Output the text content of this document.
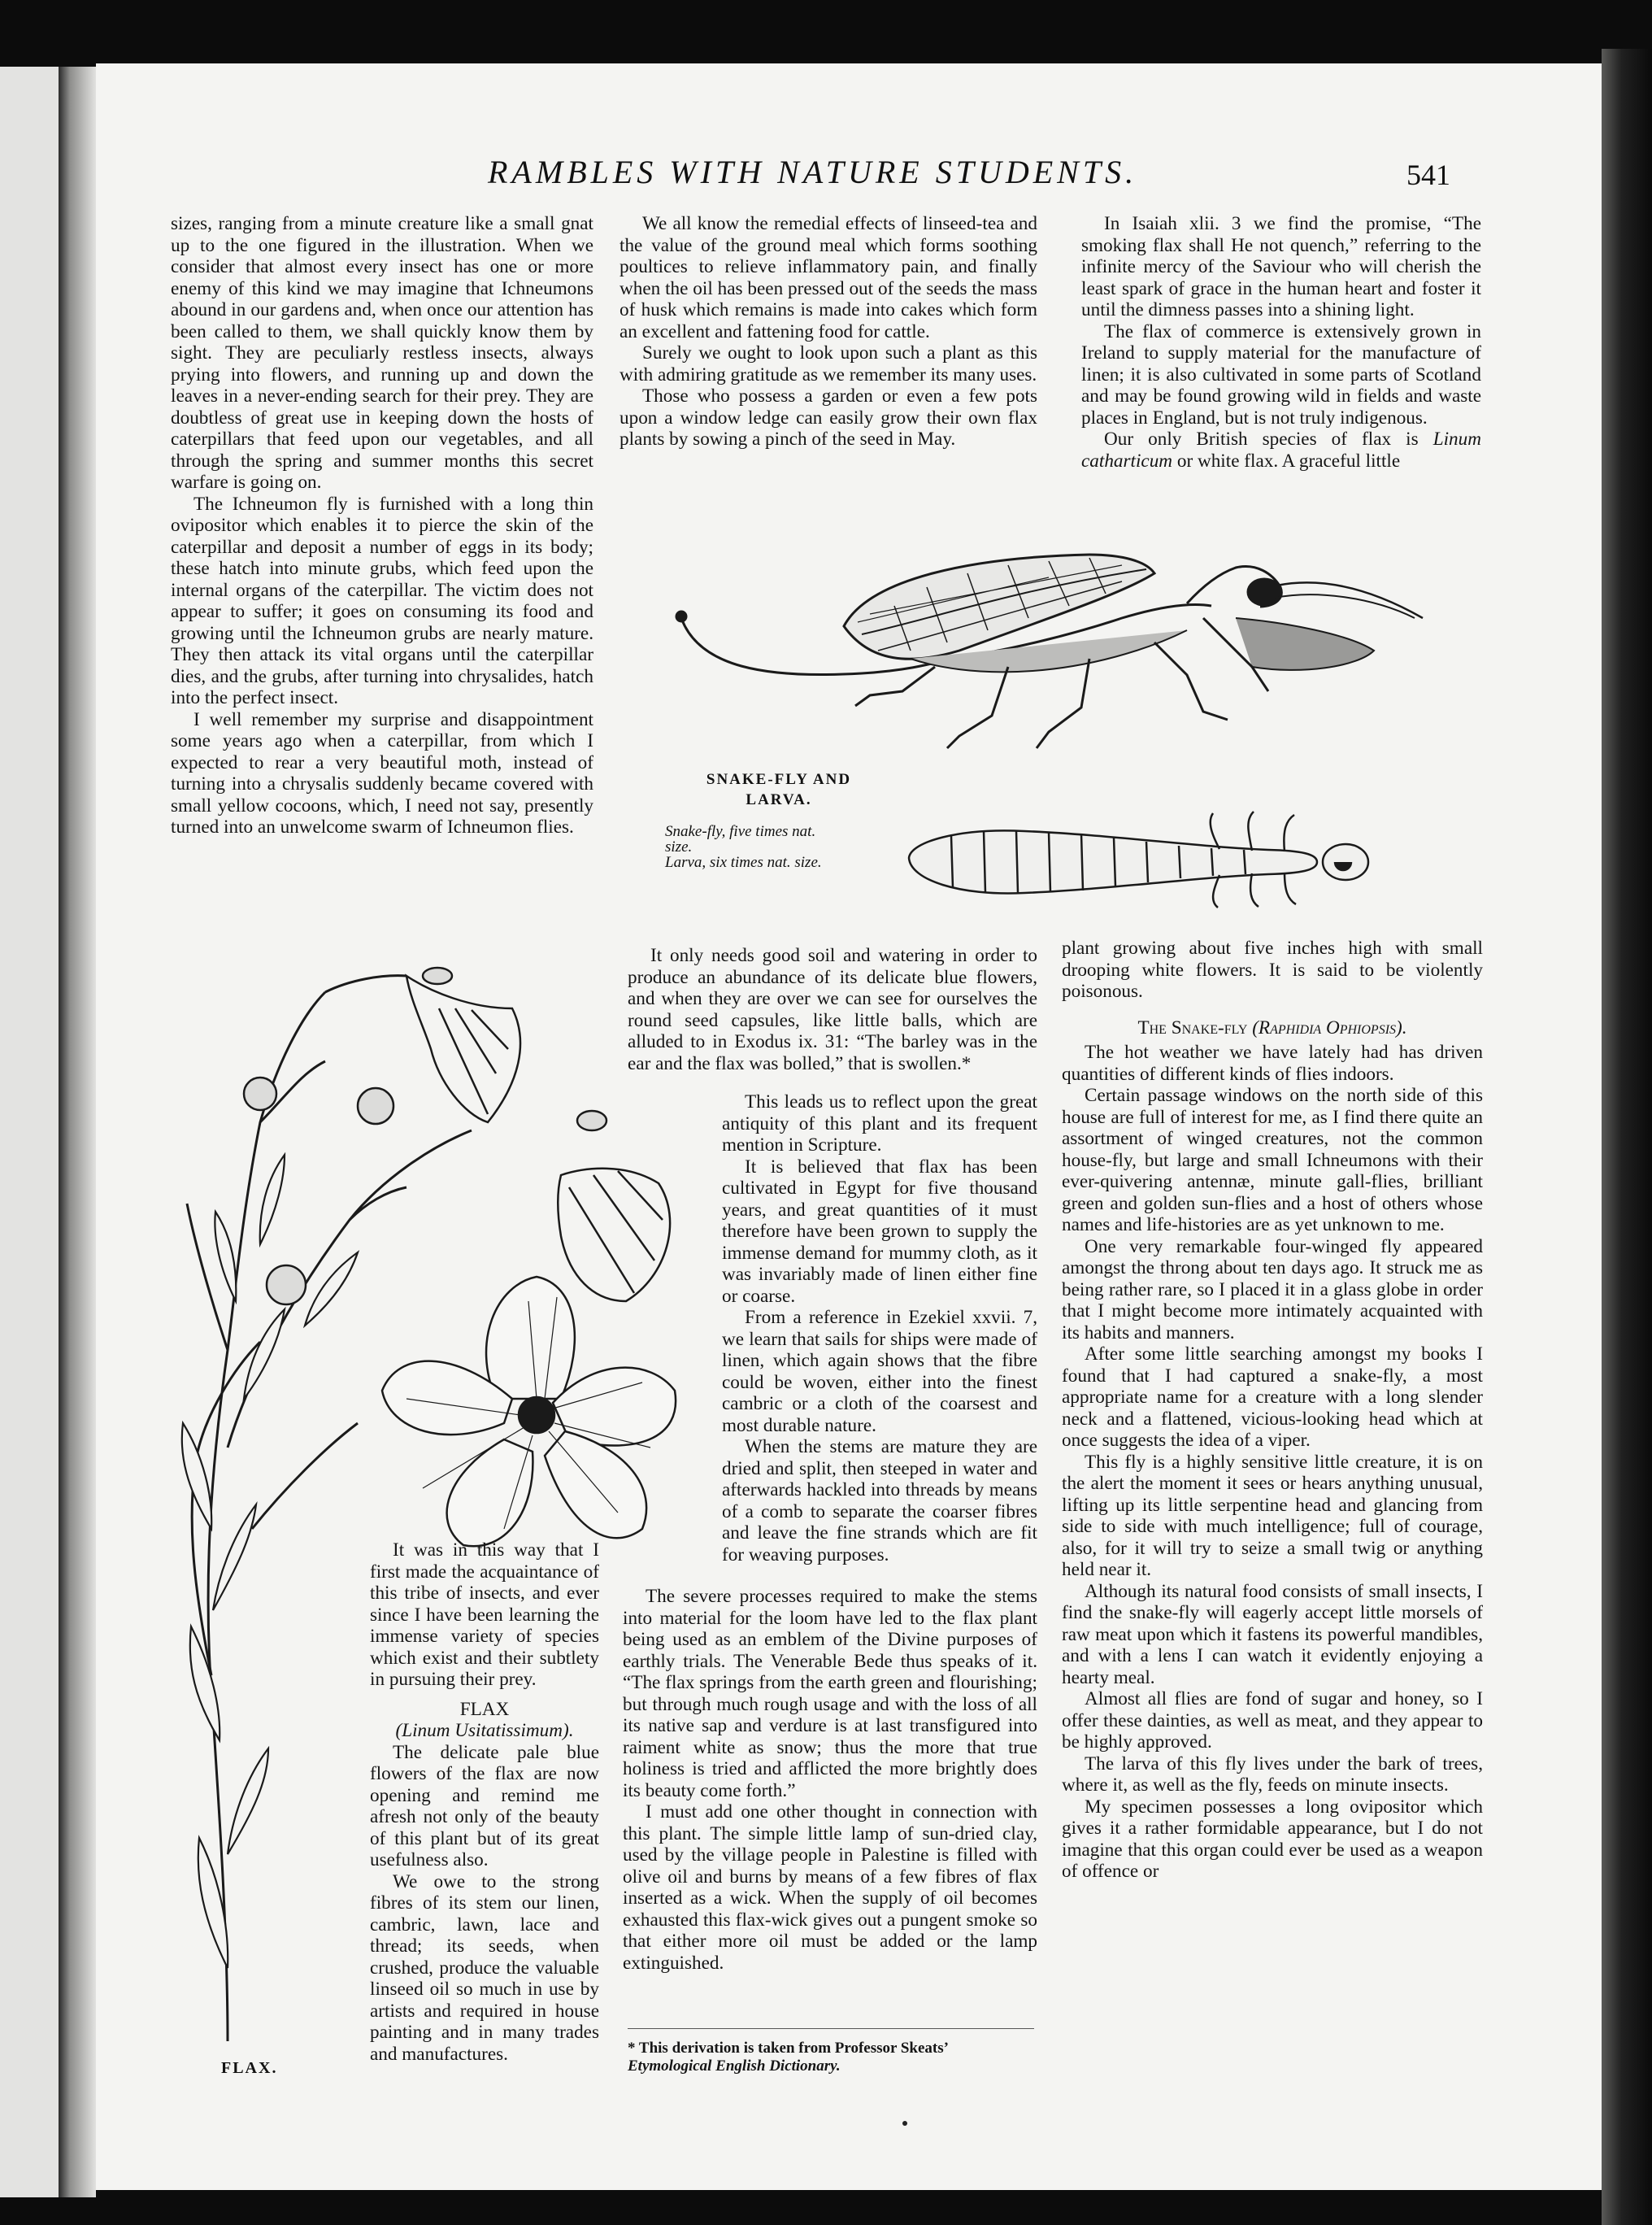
RAMBLES WITH NATURE STUDENTS.	541

sizes, ranging from a minute creature like a small gnat up to the one figured in the illustration. When we consider that almost every insect has one or more enemy of this kind we may imagine that Ichneumons abound in our gardens and, when once our attention has been called to them, we shall quickly know them by sight. They are peculiarly restless insects, always prying into flowers, and running up and down the leaves in a never-ending search for their prey. They are doubtless of great use in keeping down the hosts of caterpillars that feed upon our vegetables, and all through the spring and summer months this secret warfare is going on.

The Ichneumon fly is furnished with a long thin ovipositor which enables it to pierce the skin of the caterpillar and deposit a number of eggs in its body; these hatch into minute grubs, which feed upon the internal organs of the caterpillar. The victim does not appear to suffer; it goes on consuming its food and growing until the Ichneumon grubs are nearly mature. They then attack its vital organs until the caterpillar dies, and the grubs, after turning into chrysalides, hatch into the perfect insect.

I well remember my surprise and disappointment some years ago when a caterpillar, from which I expected to rear a very beautiful moth, instead of turning into a chrysalis suddenly became covered with small yellow cocoons, which, I need not say, presently turned into an unwelcome swarm of Ichneumon flies.

We all know the remedial effects of linseed-tea and the value of the ground meal which forms soothing poultices to relieve inflammatory pain, and finally when the oil has been pressed out of the seeds the mass of husk which remains is made into cakes which form an excellent and fattening food for cattle.

Surely we ought to look upon such a plant as this with admiring gratitude as we remember its many uses.

Those who possess a garden or even a few pots upon a window ledge can easily grow their own flax plants by sowing a pinch of the seed in May.

In Isaiah xlii. 3 we find the promise, “The smoking flax shall He not quench,” referring to the infinite mercy of the Saviour who will cherish the least spark of grace in the human heart and foster it until the dimness passes into a shining light.

The flax of commerce is extensively grown in Ireland to supply material for the manufacture of linen; it is also cultivated in some parts of Scotland and may be found growing wild in fields and waste places in England, but is not truly indigenous.

Our only British species of flax is Linum catharticum or white flax. A graceful little

SNAKE-FLY AND
LARVA.
Snake-fly, five times nat.
size.
Larva, six times nat. size.
FLAX.

It was in this way that I first made the acquaintance of this tribe of insects, and ever since I have been learning the immense variety of species which exist and their subtlety in pursuing their prey.

FLAX

(Linum Usitatissimum).

The delicate pale blue flowers of the flax are now opening and remind me afresh not only of the beauty of this plant but of its great usefulness also.

We owe to the strong fibres of its stem our linen, cambric, lawn, lace and thread; its seeds, when crushed, produce the valuable linseed oil so much in use by artists and required in house painting and in many trades and manufactures.

It only needs good soil and watering in order to produce an abundance of its delicate blue flowers, and when they are over we can see for ourselves the round seed capsules, like little balls, which are alluded to in Exodus ix. 31: “The barley was in the ear and the flax was bolled,” that is swollen.*

This leads us to reflect upon the great antiquity of this plant and its frequent mention in Scripture.

It is believed that flax has been cultivated in Egypt for five thousand years, and great quantities of it must therefore have been grown to supply the immense demand for mummy cloth, as it was invariably made of linen either fine or coarse.

From a reference in Ezekiel xxvii. 7, we learn that sails for ships were made of linen, which again shows that the fibre could be woven, either into the finest cambric or a cloth of the coarsest and most durable nature.

When the stems are mature they are dried and split, then steeped in water and afterwards hackled into threads by means of a comb to separate the coarser fibres and leave the fine strands which are fit for weaving purposes.

The severe processes required to make the stems into material for the loom have led to the flax plant being used as an emblem of the Divine purposes of earthly trials. The Venerable Bede thus speaks of it. “The flax springs from the earth green and flourishing; but through much rough usage and with the loss of all its native sap and verdure is at last transfigured into raiment white as snow; thus the more that true holiness is tried and afflicted the more brightly does its beauty come forth.”

I must add one other thought in connection with this plant. The simple little lamp of sun-dried clay, used by the village people in Palestine is filled with olive oil and burns by means of a few fibres of flax inserted as a wick. When the supply of oil becomes exhausted this flax-wick gives out a pungent smoke so that either more oil must be added or the lamp extinguished.

* This derivation is taken from Professor Skeats’
Etymological English Dictionary.

plant growing about five inches high with small drooping white flowers. It is said to be violently poisonous.

The Snake-fly (Raphidia Ophiopsis).

The hot weather we have lately had has driven quantities of different kinds of flies indoors.

Certain passage windows on the north side of this house are full of interest for me, as I find there quite an assortment of winged creatures, not the common house-fly, but large and small Ichneumons with their ever-quivering antennæ, minute gall-flies, brilliant green and golden sun-flies and a host of others whose names and life-histories are as yet unknown to me.

One very remarkable four-winged fly appeared amongst the throng about ten days ago. It struck me as being rather rare, so I placed it in a glass globe in order that I might become more intimately acquainted with its habits and manners.

After some little searching amongst my books I found that I had captured a snake-fly, a most appropriate name for a creature with a long slender neck and a flattened, vicious-looking head which at once suggests the idea of a viper.

This fly is a highly sensitive little creature, it is on the alert the moment it sees or hears anything unusual, lifting up its little serpentine head and glancing from side to side with much intelligence; full of courage, also, for it will try to seize a small twig or anything held near it.

Although its natural food consists of small insects, I find the snake-fly will eagerly accept little morsels of raw meat upon which it fastens its powerful mandibles, and with a lens I can watch it evidently enjoying a hearty meal.

Almost all flies are fond of sugar and honey, so I offer these dainties, as well as meat, and they appear to be highly approved.

The larva of this fly lives under the bark of trees, where it, as well as the fly, feeds on minute insects.

My specimen possesses a long ovipositor which gives it a rather formidable appearance, but I do not imagine that this organ could ever be used as a weapon of offence or
